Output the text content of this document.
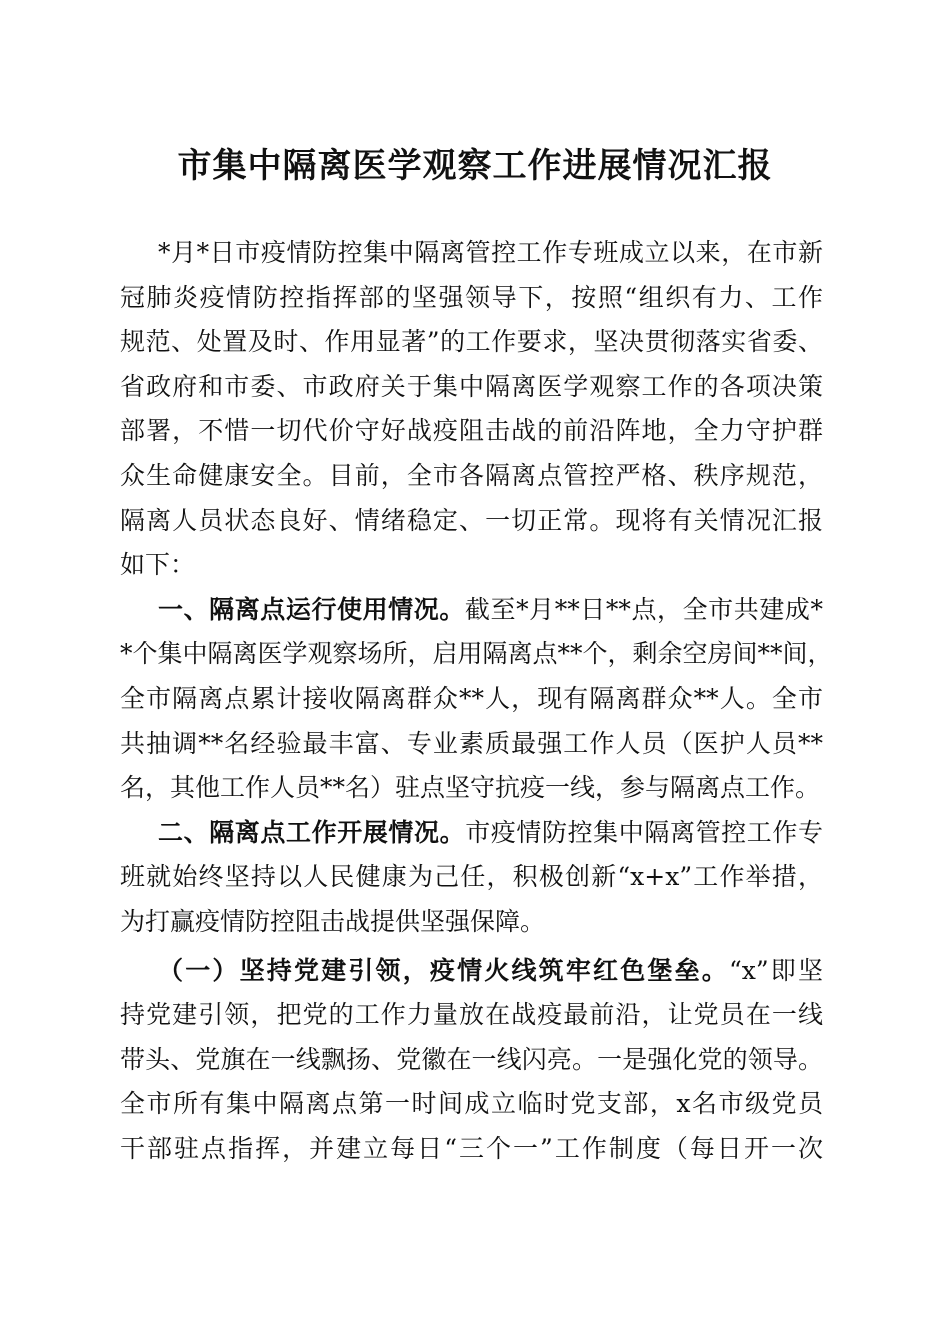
市集中隔离医学观察工作进展情况汇报
*月*日市疫情防控集中隔离管控工作专班成立以来，在市新
冠肺炎疫情防控指挥部的坚强领导下，按照“组织有力、工作
规范、处置及时、作用显著”的工作要求，坚决贯彻落实省委、
省政府和市委、市政府关于集中隔离医学观察工作的各项决策
部署，不惜一切代价守好战疫阻击战的前沿阵地，全力守护群
众生命健康安全。目前，全市各隔离点管控严格、秩序规范，
隔离人员状态良好、情绪稳定、一切正常。现将有关情况汇报
如下：
一、隔离点运行使用情况。截至*月**日**点，全市共建成*
*个集中隔离医学观察场所，启用隔离点**个，剩余空房间**间，
全市隔离点累计接收隔离群众**人，现有隔离群众**人。全市
共抽调**名经验最丰富、专业素质最强工作人员（医护人员**
名，其他工作人员**名）驻点坚守抗疫一线，参与隔离点工作。
二、隔离点工作开展情况。市疫情防控集中隔离管控工作专
班就始终坚持以人民健康为己任，积极创新“x+x”工作举措，
为打赢疫情防控阻击战提供坚强保障。
（一）坚持党建引领，疫情火线筑牢红色堡垒。“x”即坚
持党建引领，把党的工作力量放在战疫最前沿，让党员在一线
带头、党旗在一线飘扬、党徽在一线闪亮。一是强化党的领导。
全市所有集中隔离点第一时间成立临时党支部，x名市级党员
干部驻点指挥，并建立每日“三个一”工作制度（每日开一次
